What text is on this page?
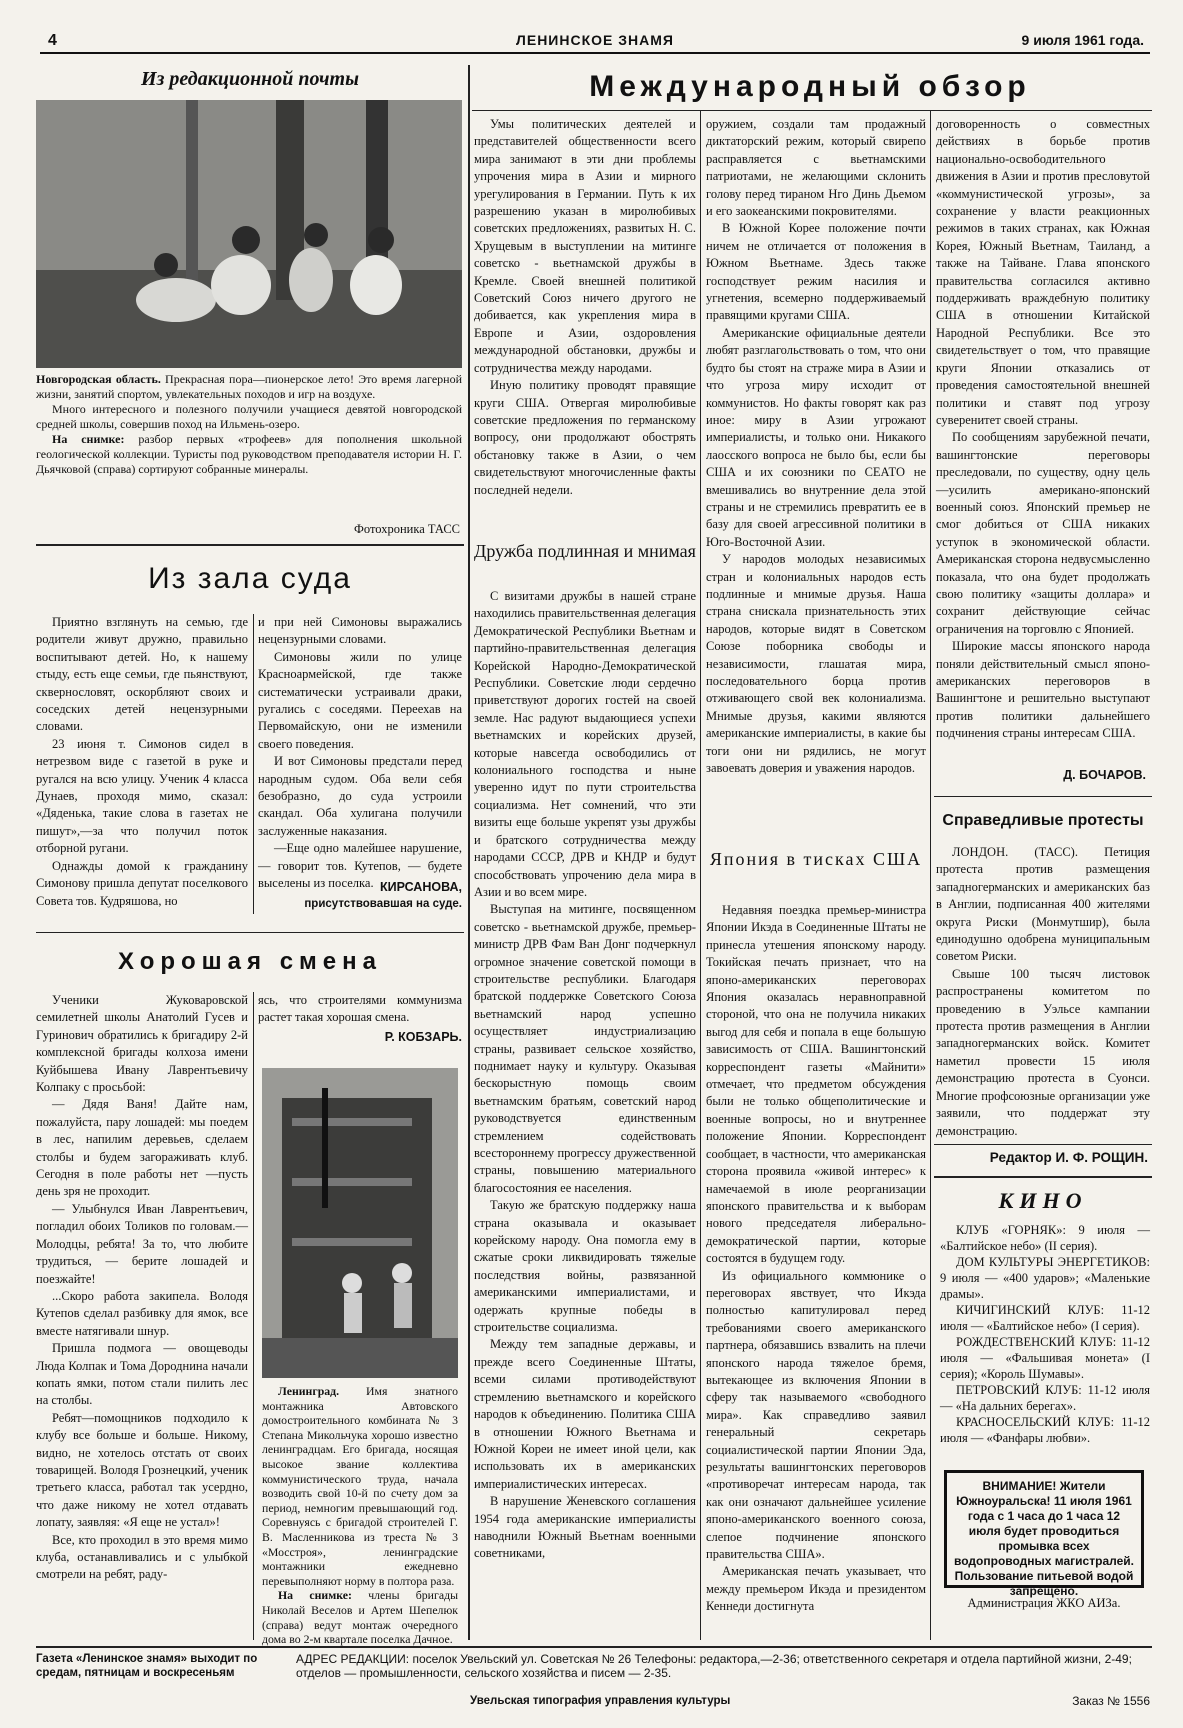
4	ЛЕНИНСКОЕ ЗНАМЯ	9 июля 1961 года.
Из редакционной почты

Новгородская область. Прекрасная пора—пионерское лето! Это время лагерной жизни, занятий спортом, увлекательных походов и игр на воздухе.

Много интересного и полезного получили учащиеся девятой новгородской средней школы, совершив поход на Ильмень-озеро.

На снимке: разбор первых «трофеев» для пополнения школьной геологической коллекции. Туристы под руководством преподавателя истории Н. Г. Дьячковой (справа) сортируют собранные минералы.

Фотохроника ТАСС
Из зала суда

Приятно взглянуть на семью, где родители живут дружно, правильно воспитывают детей. Но, к нашему стыду, есть еще семьи, где пьянствуют, сквернословят, оскорбляют своих и соседских детей нецензурными словами.

23 июня т. Симонов сидел в нетрезвом виде с газетой в руке и ругался на всю улицу. Ученик 4 класса Дунаев, проходя мимо, сказал: «Дяденька, такие слова в газетах не пишут»,—за что получил поток отборной ругани.

Однажды домой к гражданину Симонову пришла депутат поселкового Совета тов. Кудряшова, но

и при ней Симоновы выражались нецензурными словами.

Симоновы жили по улице Красноармейской, где также систематически устраивали драки, ругались с соседями. Переехав на Первомайскую, они не изменили своего поведения.

И вот Симоновы предстали перед народным судом. Оба вели себя безобразно, до суда устроили скандал. Оба хулигана получили заслуженные наказания.

—Еще одно малейшее нарушение, — говорит тов. Кутепов, — будете выселены из поселка. КИРСАНОВА,
присутствовавшая на суде.
Хорошая смена

Ученики Жуковаровской семилетней школы Анатолий Гусев и Гуринович обратились к бригадиру 2-й комплексной бригады колхоза имени Куйбышева Ивану Лаврентьевичу Колпаку с просьбой:

— Дядя Ваня! Дайте нам, пожалуйста, пару лошадей: мы поедем в лес, напилим деревьев, сделаем столбы и будем загораживать клуб. Сегодня в поле работы нет —пусть день зря не проходит.

— Улыбнулся Иван Лаврентьевич, погладил обоих Толиков по головам.—Молодцы, ребята! За то, что любите трудиться, — берите лошадей и поезжайте!

...Скоро работа закипела. Володя Кутепов сделал разбивку для ямок, все вместе натягивали шнур.

Пришла подмога — овощеводы Люда Колпак и Тома Дороднина начали копать ямки, потом стали пилить лес на столбы.

Ребят—помощников подходило к клубу все больше и больше. Никому, видно, не хотелось отстать от своих товарищей. Володя Грознецкий, ученик третьего класса, работал так усердно, что даже никому не хотел отдавать лопату, заявляя: «Я еще не устал»!

Все, кто проходил в это время мимо клуба, останавливались и с улыбкой смотрели на ребят, раду-

ясь, что строителями коммунизма растет такая хорошая смена.

Р. КОБЗАРЬ.

Ленинград. Имя знатного монтажника Автовского домостроительного комбината № 3 Степана Микольчука хорошо известно ленинградцам. Его бригада, носящая высокое звание коллектива коммунистического труда, начала возводить свой 10-й по счету дом за период, немногим превышающий год. Соревнуясь с бригадой строителей Г. В. Масленникова из треста № 3 «Мосстроя», ленинградские монтажники ежедневно перевыполняют норму в полтора раза.

На снимке: члены бригады Николай Веселов и Артем Шепелюк (справа) ведут монтаж очередного дома во 2-м квартале поселка Дачное.

Международный обзор

Умы политических деятелей и представителей общественности всего мира занимают в эти дни проблемы упрочения мира в Азии и мирного урегулирования в Германии. Путь к их разрешению указан в миролюбивых советских предложениях, развитых Н. С. Хрущевым в выступлении на митинге советско - вьетнамской дружбы в Кремле. Своей внешней политикой Советский Союз ничего другого не добивается, как укрепления мира в Европе и Азии, оздоровления международной обстановки, дружбы и сотрудничества между народами.

Иную политику проводят правящие круги США. Отвергая миролюбивые советские предложения по германскому вопросу, они продолжают обострять обстановку также в Азии, о чем свидетельствуют многочисленные факты последней недели.

Дружба подлинная и мнимая

С визитами дружбы в нашей стране находились правительственная делегация Демократической Республики Вьетнам и партийно-правительственная делегация Корейской Народно-Демократической Республики. Советские люди сердечно приветствуют дорогих гостей на своей земле. Нас радуют выдающиеся успехи вьетнамских и корейских друзей, которые навсегда освободились от колониального господства и ныне уверенно идут по пути строительства социализма. Нет сомнений, что эти визиты еще больше укрепят узы дружбы и братского сотрудничества между народами СССР, ДРВ и КНДР и будут способствовать упрочению дела мира в Азии и во всем мире.

Выступая на митинге, посвященном советско - вьетнамской дружбе, премьер-министр ДРВ Фам Ван Донг подчеркнул огромное значение советской помощи в строительстве республики. Благодаря братской поддержке Советского Союза вьетнамский народ успешно осуществляет индустриализацию страны, развивает сельское хозяйство, поднимает науку и культуру. Оказывая бескорыстную помощь своим вьетнамским братьям, советский народ руководствуется единственным стремлением содействовать всестороннему прогрессу дружественной страны, повышению материального благосостояния ее населения.

Такую же братскую поддержку наша страна оказывала и оказывает корейскому народу. Она помогла ему в сжатые сроки ликвидировать тяжелые последствия войны, развязанной американскими империалистами, и одержать крупные победы в строительстве социализма.

Между тем западные державы, и прежде всего Соединенные Штаты, всеми силами противодействуют стремлению вьетнамского и корейского народов к объединению. Политика США в отношении Южного Вьетнама и Южной Кореи не имеет иной цели, как использовать их в американских империалистических интересах.

В нарушение Женевского соглашения 1954 года американские империалисты наводнили Южный Вьетнам военными советниками,

оружием, создали там продажный диктаторский режим, который свирепо расправляется с вьетнамскими патриотами, не желающими склонить голову перед тираном Нго Динь Дьемом и его заокеанскими покровителями.

В Южной Корее положение почти ничем не отличается от положения в Южном Вьетнаме. Здесь также господствует режим насилия и угнетения, всемерно поддерживаемый правящими кругами США.

Американские официальные деятели любят разглагольствовать о том, что они будто бы стоят на страже мира в Азии и что угроза миру исходит от коммунистов. Но факты говорят как раз иное: миру в Азии угрожают империалисты, и только они. Никакого лаосского вопроса не было бы, если бы США и их союзники по СЕАТО не вмешивались во внутренние дела этой страны и не стремились превратить ее в базу для своей агрессивной политики в Юго-Восточной Азии.

У народов молодых независимых стран и колониальных народов есть подлинные и мнимые друзья. Наша страна снискала признательность этих народов, которые видят в Советском Союзе поборника свободы и независимости, глашатая мира, последовательного борца против отживающего свой век колониализма. Мнимые друзья, какими являются американские империалисты, в какие бы тоги они ни рядились, не могут завоевать доверия и уважения народов.

Япония в тисках США

Недавняя поездка премьер-министра Японии Икэда в Соединенные Штаты не принесла утешения японскому народу. Токийская печать признает, что на японо-американских переговорах Япония оказалась неравноправной стороной, что она не получила никаких выгод для себя и попала в еще большую зависимость от США. Вашингтонский корреспондент газеты «Майнити» отмечает, что предметом обсуждения были не только общеполитические и военные вопросы, но и внутреннее положение Японии. Корреспондент сообщает, в частности, что американская сторона проявила «живой интерес» к намечаемой в июле реорганизации японского правительства и к выборам нового председателя либерально-демократической партии, которые состоятся в будущем году.

Из официального коммюнике о переговорах явствует, что Икэда полностью капитулировал перед требованиями своего американского партнера, обязавшись взвалить на плечи японского народа тяжелое бремя, вытекающее из включения Японии в сферу так называемого «свободного мира». Как справедливо заявил генеральный секретарь социалистической партии Японии Эда, результаты вашингтонских переговоров «противоречат интересам народа, так как они означают дальнейшее усиление японо-американского военного союза, слепое подчинение японского правительства США».

Американская печать указывает, что между премьером Икэда и президентом Кеннеди достигнута

договоренность о совместных действиях в борьбе против национально-освободительного движения в Азии и против пресловутой «коммунистической угрозы», за сохранение у власти реакционных режимов в таких странах, как Южная Корея, Южный Вьетнам, Таиланд, а также на Тайване. Глава японского правительства согласился активно поддерживать враждебную политику США в отношении Китайской Народной Республики. Все это свидетельствует о том, что правящие круги Японии отказались от проведения самостоятельной внешней политики и ставят под угрозу суверенитет своей страны.

По сообщениям зарубежной печати, вашингтонские переговоры преследовали, по существу, одну цель —усилить американо-японский военный союз. Японский премьер не смог добиться от США никаких уступок в экономической области. Американская сторона недвусмысленно показала, что она будет продолжать свою политику «защиты доллара» и сохранит действующие сейчас ограничения на торговлю с Японией.

Широкие массы японского народа поняли действительный смысл японо-американских переговоров в Вашингтоне и решительно выступают против политики дальнейшего подчинения страны интересам США.

Д. БОЧАРОВ.
Справедливые протесты

ЛОНДОН. (ТАСС). Петиция протеста против размещения западногерманских и американских баз в Англии, подписанная 400 жителями округа Риски (Монмутшир), была единодушно одобрена муниципальным советом Риски.

Свыше 100 тысяч листовок распространены комитетом по проведению в Уэльсе кампании протеста против размещения в Англии западногерманских войск. Комитет наметил провести 15 июля демонстрацию протеста в Суонси. Многие профсоюзные организации уже заявили, что поддержат эту демонстрацию.

Редактор И. Ф. РОЩИН.
КИНО
КЛУБ «ГОРНЯК»: 9 июля — «Балтийское небо» (II серия).
ДОМ КУЛЬТУРЫ ЭНЕРГЕТИКОВ: 9 июля — «400 ударов»; «Маленькие драмы».
КИЧИГИНСКИЙ КЛУБ: 11-12 июля — «Балтийское небо» (I серия).
РОЖДЕСТВЕНСКИЙ КЛУБ: 11-12 июля — «Фальшивая монета» (I серия); «Король Шумавы».
ПЕТРОВСКИЙ КЛУБ: 11-12 июля — «На дальних берегах».
КРАСНОСЕЛЬСКИЙ КЛУБ: 11-12 июля — «Фанфары любви».
ВНИМАНИЕ! Жители Южноуральска! 11 июля 1961 года с 1 часа до 1 часа 12 июля будет проводиться промывка всех водопроводных магистралей. Пользование питьевой водой запрещено.
Администрация ЖКО АИЗа.
Газета «Ленинское знамя» выходит по средам, пятницам и воскресеньям
АДРЕС РЕДАКЦИИ: поселок Увельский ул. Советская № 26 Телефоны: редактора,—2-36; ответственного секретаря и отдела партийной жизни, 2-49; отделов — промышленности, сельского хозяйства и писем — 2-35.
Увельская типография управления культуры	Заказ № 1556
